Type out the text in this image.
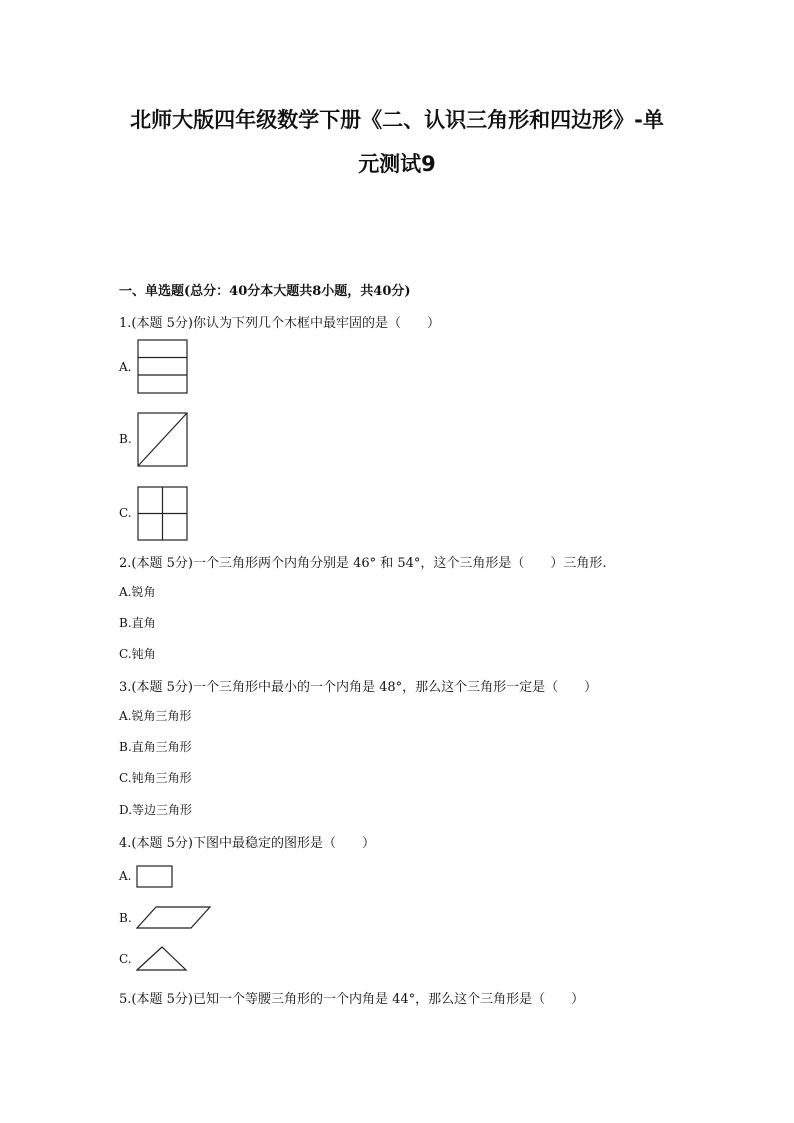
北师大版四年级数学下册《二、认识三角形和四边形》-单
元测试9
一、单选题(总分：40分本大题共8小题，共40分)
1.(本题 5分)你认为下列几个木框中最牢固的是（　　）
A.
B.
C.
2.(本题 5分)一个三角形两个内角分别是 46° 和 54°，这个三角形是（　　）三角形.
A.锐角
B.直角
C.钝角
3.(本题 5分)一个三角形中最小的一个内角是 48°，那么这个三角形一定是（　　）
A.锐角三角形
B.直角三角形
C.钝角三角形
D.等边三角形
4.(本题 5分)下图中最稳定的图形是（　　）
A.
B.
C.
5.(本题 5分)已知一个等腰三角形的一个内角是 44°，那么这个三角形是（　　）
